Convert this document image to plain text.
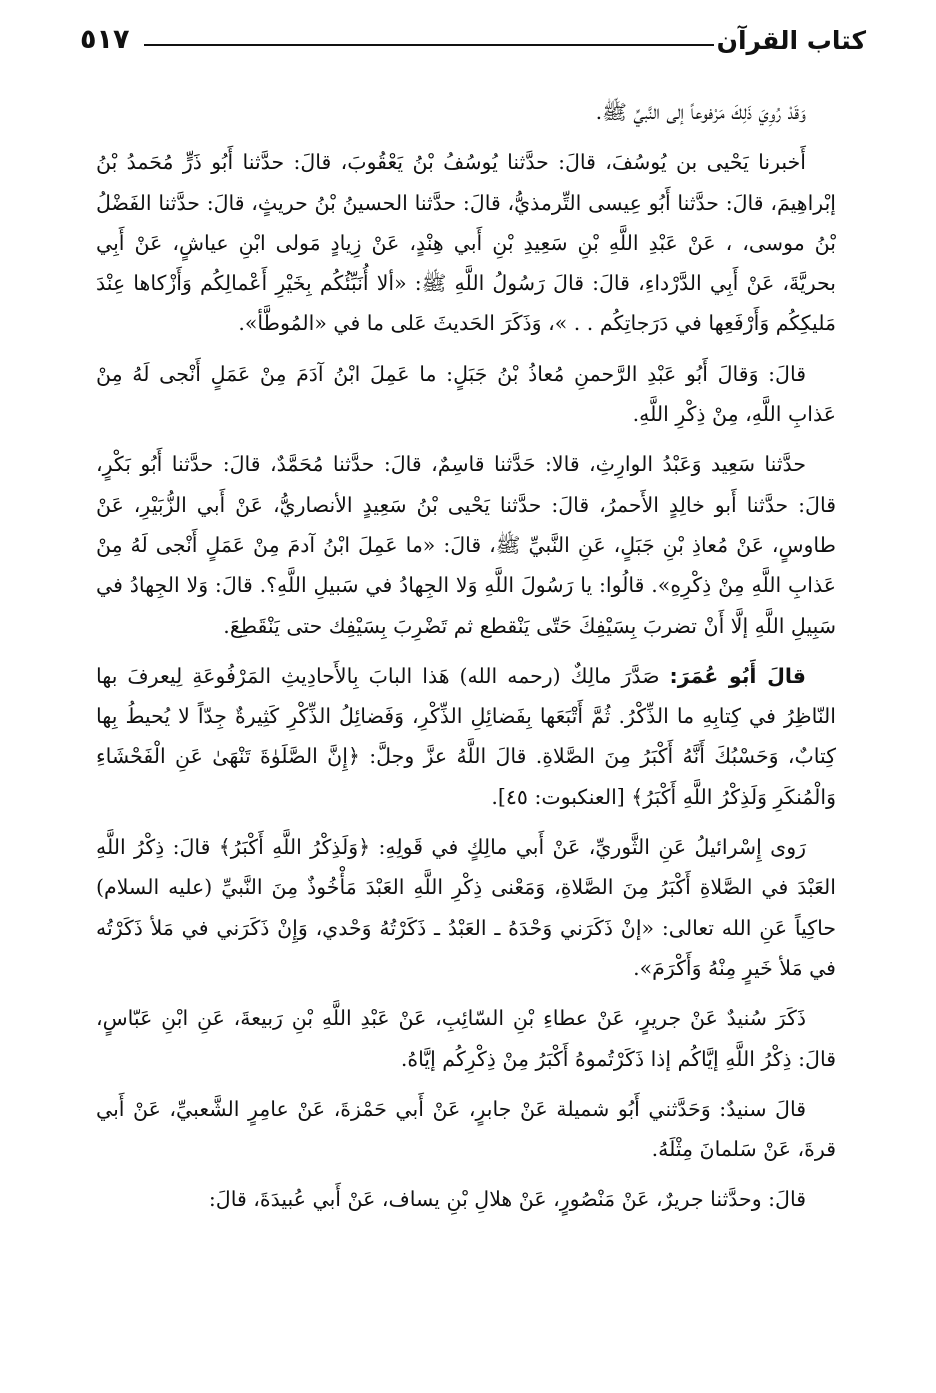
كتاب القرآن
٥١٧

وَقَدْ رُوِيَ ذَلِكَ مَرْفوعاً إلى النَّبيِّ ﷺ.

أَخبرنا يَحْيى بن يُوسُفَ، قالَ: حدَّثنا يُوسُفُ بْنُ يَعْقُوبَ، قالَ: حدَّثنا أَبُو ذَرٍّ مُحَمدُ بْنُ إبْراهِيمَ، قالَ: حدَّثنا أَبُو عِيسى التِّرمذيُّ، قالَ: حدَّثنا الحسينُ بْنُ حريثٍ، قالَ: حدَّثنا الفَضْلُ بْنُ موسى، ، عَنْ عَبْدِ اللَّهِ بْنِ سَعِيدِ بْنِ أَبي هِنْدٍ، عَنْ زِيادٍ مَولى ابْنِ عياشٍ، عَنْ أَبِي بحريَّةَ، عَنْ أَبِي الدَّرْداءِ، قالَ: قالَ رَسُولُ اللَّهِ ﷺ: «ألا أُنَبِّئُكُم بِخَيْرِ أَعْمالِكُم وَأَزْكاها عِنْدَ مَليكِكُم وَأَرْفَعِها في دَرَجاتِكُم . . »، وَذَكَرَ الحَديثَ عَلى ما في «المُوطَّأ».

قالَ: وَقالَ أَبُو عَبْدِ الرَّحمنِ مُعاذُ بْنُ جَبَلٍ: ما عَمِلَ ابْنُ آدَمَ مِنْ عَمَلٍ أَنْجى لَهُ مِنْ عَذابِ اللَّهِ، مِنْ ذِكْرِ اللَّهِ.

حدَّثنا سَعِيد وَعَبْدُ الوارِثِ، قالا: حَدَّثنا قاسِمٌ، قالَ: حدَّثنا مُحَمَّدٌ، قالَ: حدَّثنا أَبُو بَكْرٍ، قالَ: حدَّثنا أَبو خالِدٍ الأَحمرُ، قالَ: حدَّثنا يَحْيى بْنُ سَعِيدٍ الأنصاريُّ، عَنْ أَبي الزُّبَيْرِ، عَنْ طاوسٍ، عَنْ مُعاذِ بْنِ جَبَلٍ، عَنِ النَّبيِّ ﷺ، قالَ: «ما عَمِلَ ابْنُ آدمَ مِنْ عَمَلٍ أَنْجى لَهُ مِنْ عَذابِ اللَّهِ مِنْ ذِكْرِهِ». قالُوا: يا رَسُولَ اللَّهِ وَلا الجِهادُ في سَبيلِ اللَّهِ؟. قالَ: وَلا الجِهادُ في سَبِيلِ اللَّهِ إلَّا أَنْ تضربَ بِسَيْفِكَ حَتّى يَنْقطع ثم تَضْرِبَ بِسَيْفِك حتى يَنْقَطِعَ.

قالَ أَبُو عُمَرَ: صَدَّرَ مالِكٌ (رحمه الله) هَذا البابَ بِالأَحادِيثِ المَرْفُوعَةِ لِيعرفَ بها النّاظِرُ في كِتابِهِ ما الذِّكْرُ. ثُمَّ أَتْبَعَها بِفَضائِلِ الذِّكْرِ، وَفَضائِلُ الذِّكْرِ كَثِيرةٌ جِدّاً لا يُحيطُ بِها كِتابٌ، وَحَسْبُكَ أَنَّهُ أَكْبَرُ مِنَ الصَّلاةِ. قالَ اللَّهُ عزَّ وجلَّ: ﴿إِنَّ الصَّلَوٰةَ تَنْهَىٰ عَنِ الْفَحْشَاءِ وَالْمُنكَرِ وَلَذِكْرُ اللَّهِ أَكْبَرُ﴾ [العنكبوت: ٤٥].

رَوى إِسْرائيلُ عَنِ الثَّوريِّ، عَنْ أَبي مالِكٍ في قَولِهِ: ﴿وَلَذِكْرُ اللَّهِ أَكْبَرُ﴾ قالَ: ذِكْرُ اللَّهِ العَبْدَ في الصَّلاةِ أَكْبَرُ مِنَ الصَّلاةِ، وَمَعْنى ذِكْرِ اللَّهِ العَبْدَ مَأْخُوذٌ مِنَ النَّبيِّ (عليه السلام) حاكِياً عَنِ الله تعالى: «إنْ ذَكَرَني وَحْدَهُ ـ العَبْدُ ـ ذَكَرْتُهُ وَحْدي، وَإِنْ ذَكَرَني في مَلأ ذَكَرْتُه في مَلأ خَيرٍ مِنْهُ وَأَكْرَمَ».

ذَكَرَ سُنيدٌ عَنْ جريرٍ، عَنْ عطاءِ بْنِ السّائِبِ، عَنْ عَبْدِ اللَّهِ بْنِ رَبيعةَ، عَنِ ابْنِ عَبّاسٍ، قالَ: ذِكْرُ اللَّهِ إيَّاكُم إذا ذَكَرْتُموهُ أَكْبَرُ مِنْ ذِكْرِكُم إيَّاهُ.

قالَ سنيدٌ: وَحَدَّثني أَبُو شميلة عَنْ جابرٍ، عَنْ أَبي حَمْزةَ، عَنْ عامِرٍ الشَّعبيِّ، عَنْ أَبي قرةَ، عَنْ سَلمانَ مِثْلَهُ.

قالَ: وحدَّثنا جريرٌ، عَنْ مَنْصُورٍ، عَنْ هلالِ بْنِ يساف، عَنْ أَبي عُبيدَةَ، قالَ:
